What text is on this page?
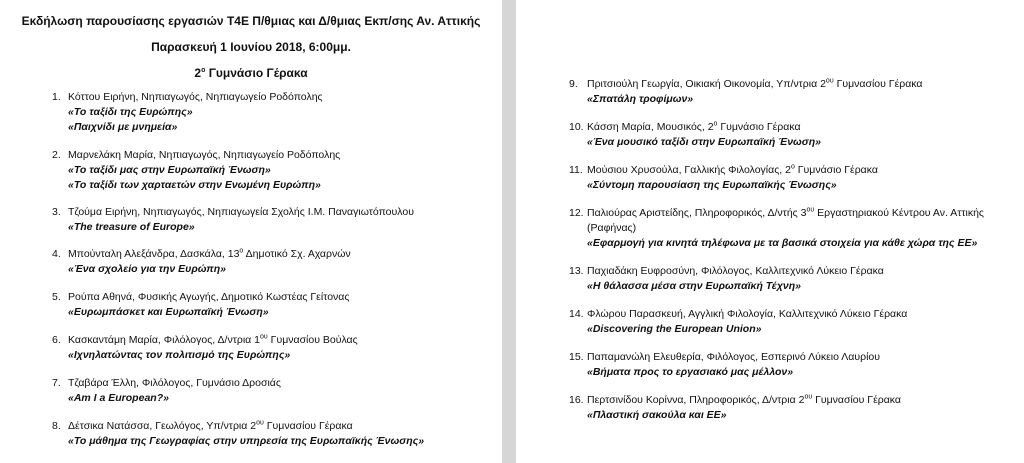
Εκδήλωση παρουσίασης εργασιών Τ4Ε Π/θμιας και Δ/θμιας Εκπ/σης Αν. Αττικής
Παρασκευή 1 Ιουνίου 2018, 6:00μμ.
$2^o$ Γυμνάσιο Γέρακα
1. Κόττου Ειρήνη, Νηπιαγωγός, Νηπιαγωγείο Ροδόπολης
«Το ταξίδι της Ευρώπης»
«Παιχνίδι με μνημεία»
2. Μαρνελάκη Μαρία, Νηπιαγωγός, Νηπιαγωγείο Ροδόπολης
«Το ταξίδι μας στην Ευρωπαϊκή Ένωση»
«Το ταξίδι των χαρταετών στην Ενωμένη Ευρώπη»
3. Τζούμα Ειρήνη, Νηπιαγωγός, Νηπιαγωγεία Σχολής Ι.Μ. Παναγιωτόπουλου
«The treasure of Europe»
4. Μπούνταλη Αλεξάνδρα, Δασκάλα, $13^o$ Δημοτικό Σχ. Αχαρνών
«Ένα σχολείο για την Ευρώπη»
5. Ρούπα Αθηνά, Φυσικής Αγωγής, Δημοτικό Κωστέας Γείτονας
«Ευρωμπάσκετ και Ευρωπαϊκή Ένωση»
6. Κασκαντάμη Μαρία, Φιλόλογος, Δ/ντρια $1^{o\upsilon}$ Γυμνασίου Βούλας
«Ιχνηλατώντας τον πολιτισμό της Ευρώπης»
7. Τζαβάρα Έλλη, Φιλόλογος, Γυμνάσιο Δροσιάς
«Am I a European?»
8. Δέτσικα Νατάσσα, Γεωλόγος, Υπ/ντρια $2^{o\upsilon}$ Γυμνασίου Γέρακα
«Το μάθημα της Γεωγραφίας στην υπηρεσία της Ευρωπαϊκής Ένωσης»
9. Πριτσιούλη Γεωργία, Οικιακή Οικονομία, Υπ/ντρια $2^{o\upsilon}$ Γυμνασίου Γέρακα
«Σπατάλη τροφίμων»
10. Κάσση Μαρία, Μουσικός, $2^o$ Γυμνάσιο Γέρακα
«Ένα μουσικό ταξίδι στην Ευρωπαϊκή Ένωση»
11. Μούσιου Χρυσούλα, Γαλλικής Φιλολογίας, $2^o$ Γυμνάσιο Γέρακα
«Σύντομη παρουσίαση της Ευρωπαϊκής Ένωσης»
12. Παλιούρας Αριστείδης, Πληροφορικός, Δ/ντής $3^{o\upsilon}$ Εργαστηριακού Κέντρου Αν. Αττικής
(Ραφήνας)
«Εφαρμογή για κινητά τηλέφωνα με τα βασικά στοιχεία για κάθε χώρα της ΕΕ»
13. Παχιαδάκη Ευφροσύνη, Φιλόλογος, Καλλιτεχνικό Λύκειο Γέρακα
«Η θάλασσα μέσα στην Ευρωπαϊκή Τέχνη»
14. Φλώρου Παρασκευή, Αγγλική Φιλολογία, Καλλιτεχνικό Λύκειο Γέρακα
«Discovering the European Union»
15. Παπαμανώλη Ελευθερία, Φιλόλογος, Εσπερινό Λύκειο Λαυρίου
«Βήματα προς το εργασιακό μας μέλλον»
16. Περτσινίδου Κορίννα, Πληροφορικός, Δ/ντρια $2^{o\upsilon}$ Γυμνασίου Γέρακα
«Πλαστική σακούλα και ΕΕ»
